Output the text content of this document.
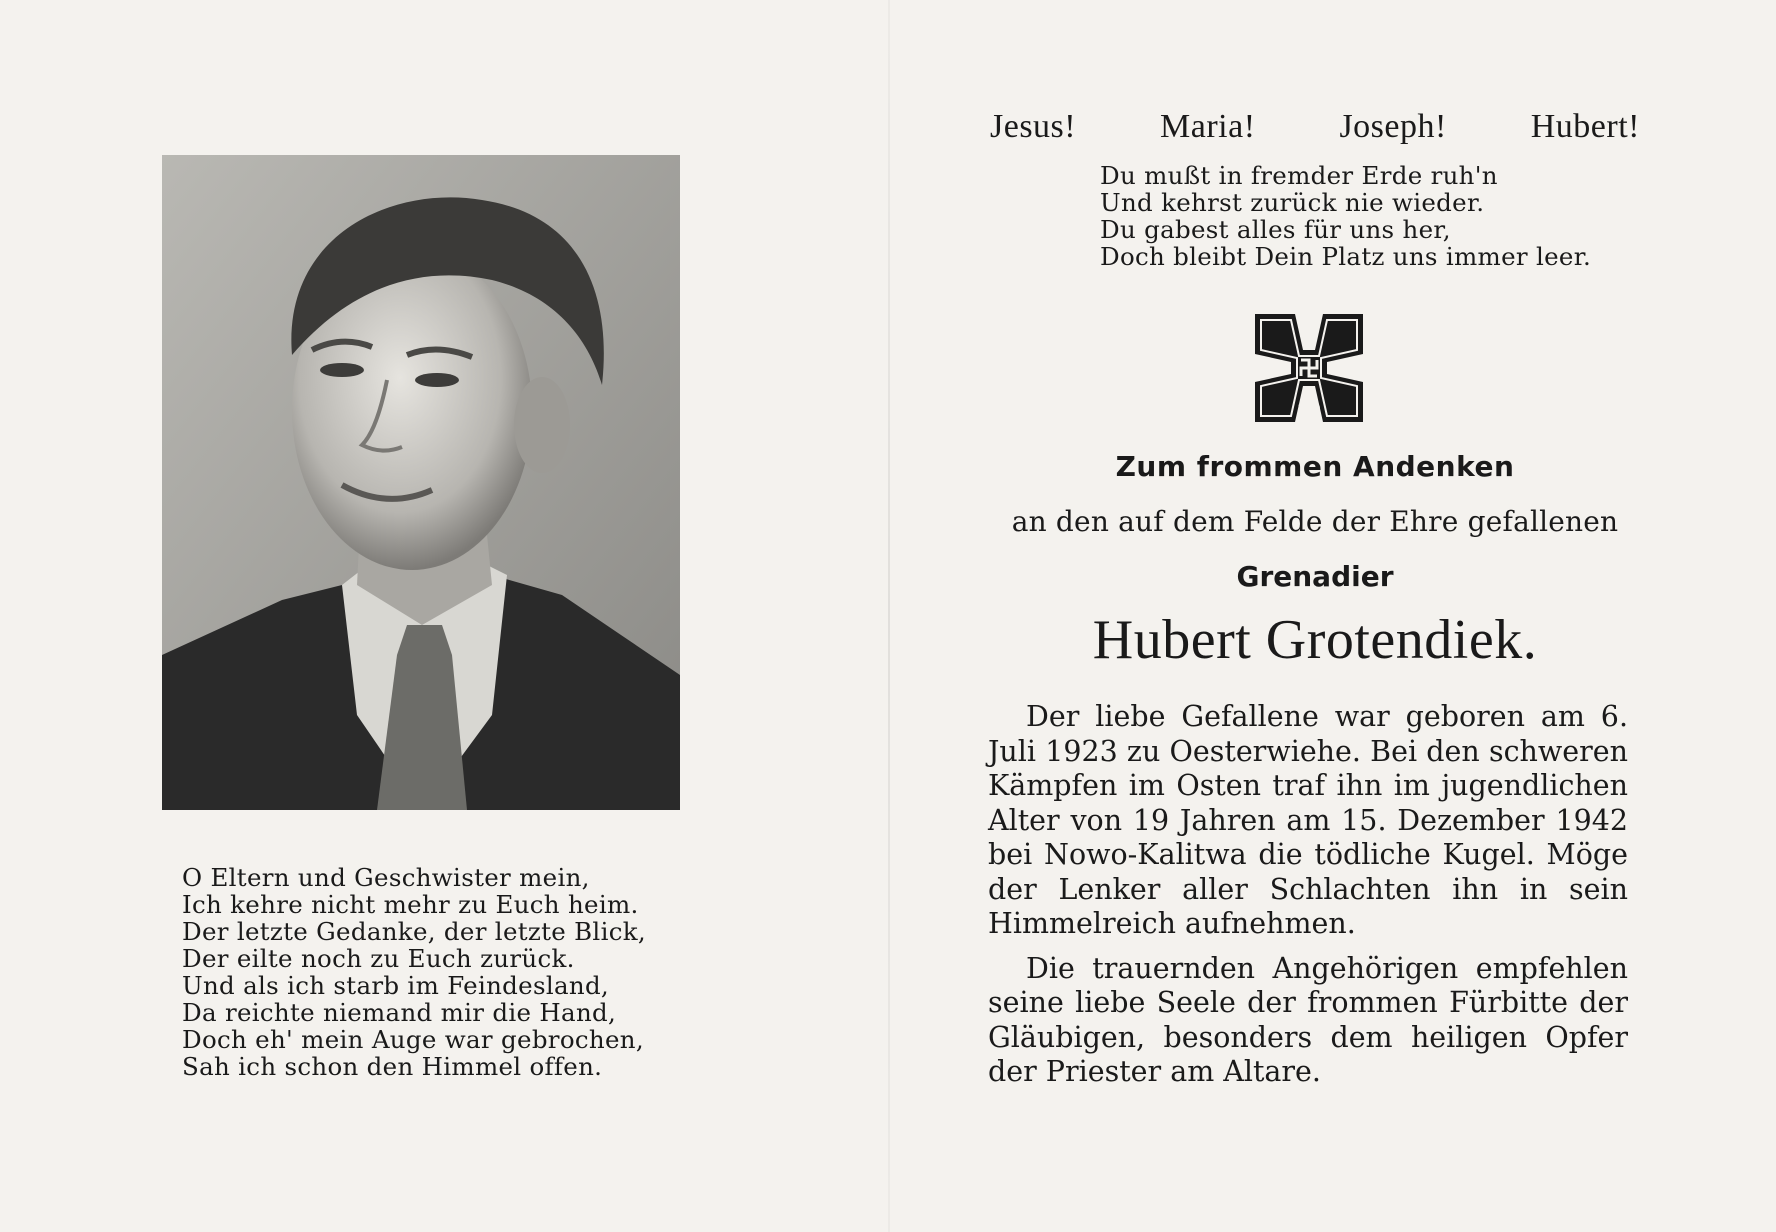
O Eltern und Geschwister mein,
Ich kehre nicht mehr zu Euch heim.
Der letzte Gedanke, der letzte Blick,
Der eilte noch zu Euch zurück.
Und als ich starb im Feindesland,
Da reichte niemand mir die Hand,
Doch eh' mein Auge war gebrochen,
Sah ich schon den Himmel offen.
Jesus! Maria! Joseph! Hubert!
Du mußt in fremder Erde ruh'n
Und kehrst zurück nie wieder.
Du gabest alles für uns her,
Doch bleibt Dein Platz uns immer leer.
1939
Zum frommen Andenken
an den auf dem Felde der Ehre gefallenen
Grenadier
Hubert Grotendiek.

Der liebe Gefallene war geboren am 6. Juli 1923 zu Oesterwiehe. Bei den schweren Kämpfen im Osten traf ihn im jugendlichen Alter von 19 Jahren am 15. Dezember 1942 bei Nowo-Kalitwa die tödliche Kugel. Möge der Lenker aller Schlachten ihn in sein Himmelreich aufnehmen.

Die trauernden Angehörigen empfehlen seine liebe Seele der frommen Fürbitte der Gläubigen, besonders dem heiligen Opfer der Priester am Altare.
